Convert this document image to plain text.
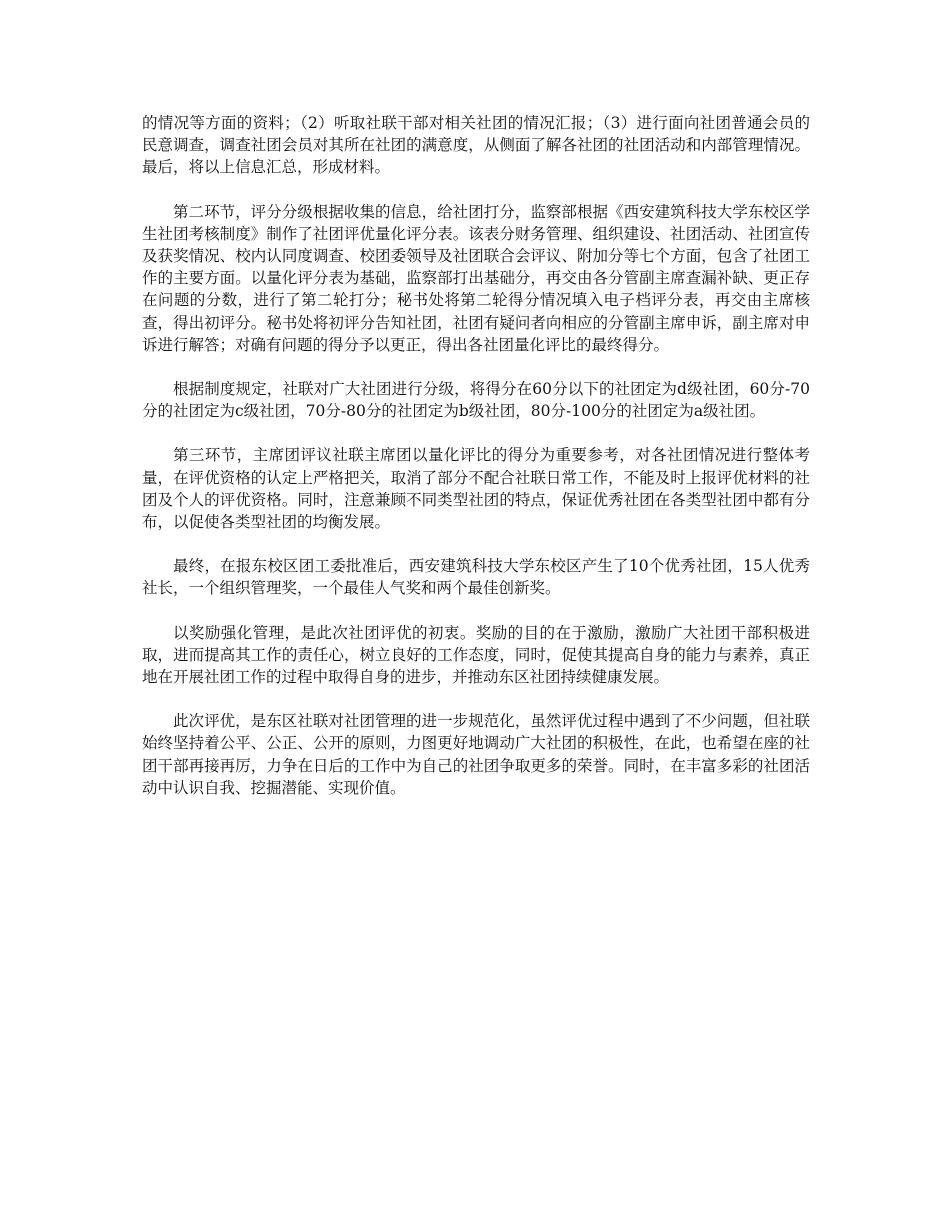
的情况等方面的资料；（2）听取社联干部对相关社团的情况汇报；（3）进行面向社团普通会员的民意调查，调查社团会员对其所在社团的满意度，从侧面了解各社团的社团活动和内部管理情况。最后，将以上信息汇总，形成材料。

第二环节，评分分级根据收集的信息，给社团打分，监察部根据《西安建筑科技大学东校区学生社团考核制度》制作了社团评优量化评分表。该表分财务管理、组织建设、社团活动、社团宣传及获奖情况、校内认同度调查、校团委领导及社团联合会评议、附加分等七个方面，包含了社团工作的主要方面。以量化评分表为基础，监察部打出基础分，再交由各分管副主席查漏补缺、更正存在问题的分数，进行了第二轮打分；秘书处将第二轮得分情况填入电子档评分表，再交由主席核查，得出初评分。秘书处将初评分告知社团，社团有疑问者向相应的分管副主席申诉，副主席对申诉进行解答；对确有问题的得分予以更正，得出各社团量化评比的最终得分。

根据制度规定，社联对广大社团进行分级，将得分在60分以下的社团定为d级社团，60分-70分的社团定为c级社团，70分-80分的社团定为b级社团，80分-100分的社团定为a级社团。

第三环节，主席团评议社联主席团以量化评比的得分为重要参考，对各社团情况进行整体考量，在评优资格的认定上严格把关，取消了部分不配合社联日常工作，不能及时上报评优材料的社团及个人的评优资格。同时，注意兼顾不同类型社团的特点，保证优秀社团在各类型社团中都有分布，以促使各类型社团的均衡发展。

最终，在报东校区团工委批准后，西安建筑科技大学东校区产生了10个优秀社团，15人优秀社长，一个组织管理奖，一个最佳人气奖和两个最佳创新奖。

以奖励强化管理，是此次社团评优的初衷。奖励的目的在于激励，激励广大社团干部积极进取，进而提高其工作的责任心，树立良好的工作态度，同时，促使其提高自身的能力与素养，真正地在开展社团工作的过程中取得自身的进步，并推动东区社团持续健康发展。

此次评优，是东区社联对社团管理的进一步规范化，虽然评优过程中遇到了不少问题，但社联始终坚持着公平、公正、公开的原则，力图更好地调动广大社团的积极性，在此，也希望在座的社团干部再接再厉，力争在日后的工作中为自己的社团争取更多的荣誉。同时，在丰富多彩的社团活动中认识自我、挖掘潜能、实现价值。
